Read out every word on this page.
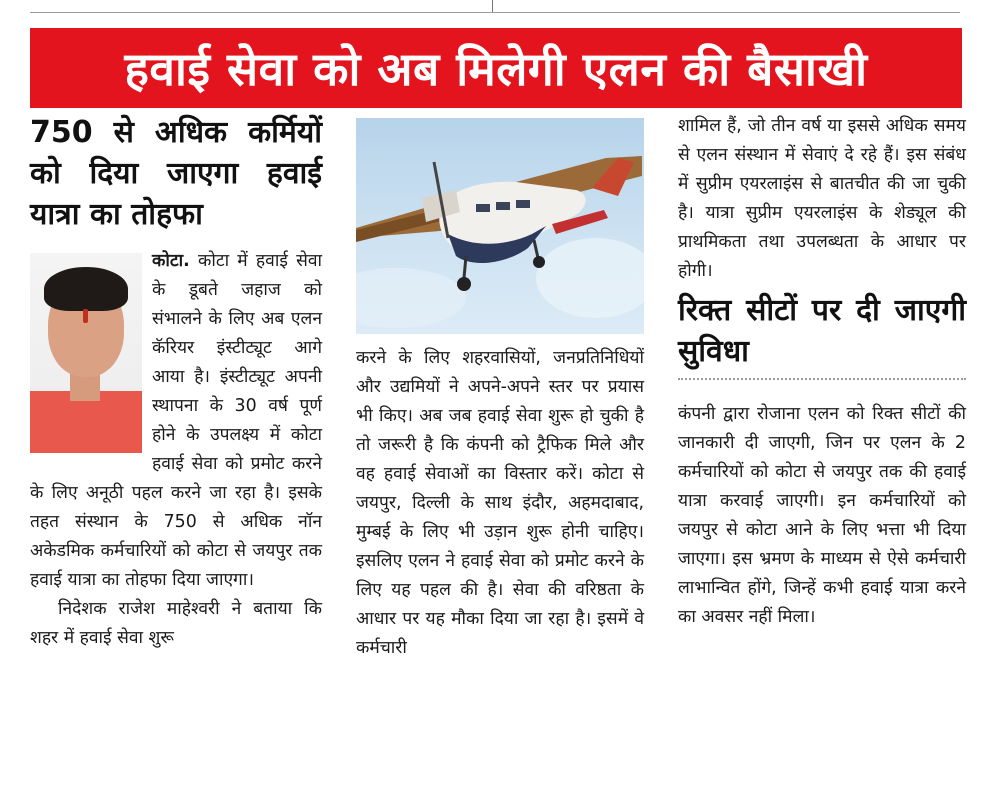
हवाई सेवा को अब मिलेगी एलन की बैसाखी
750 से अधिक कर्मियों को दिया जाएगा हवाई यात्रा का तोहफा

कोटा. कोटा में हवाई सेवा के डूबते जहाज को संभालने के लिए अब एलन कॅरियर इंस्टीट्यूट आगे आया है। इंस्टीट्यूट अपनी स्थापना के 30 वर्ष पूर्ण होने के उपलक्ष्य में कोटा हवाई सेवा को प्रमोट करने के लिए अनूठी पहल करने जा रहा है। इसके तहत संस्थान के 750 से अधिक नॉन अकेडमिक कर्मचारियों को कोटा से जयपुर तक हवाई यात्रा का तोहफा दिया जाएगा।

निदेशक राजेश माहेश्वरी ने बताया कि शहर में हवाई सेवा शुरू

करने के लिए शहरवासियों, जनप्रतिनिधियों और उद्यमियों ने अपने-अपने स्तर पर प्रयास भी किए। अब जब हवाई सेवा शुरू हो चुकी है तो जरूरी है कि कंपनी को ट्रैफिक मिले और वह हवाई सेवाओं का विस्तार करें। कोटा से जयपुर, दिल्ली के साथ इंदौर, अहमदाबाद, मुम्बई के लिए भी उड़ान शुरू होनी चाहिए। इसलिए एलन ने हवाई सेवा को प्रमोट करने के लिए यह पहल की है। सेवा की वरिष्ठता के आधार पर यह मौका दिया जा रहा है। इसमें वे कर्मचारी

शामिल हैं, जो तीन वर्ष या इससे अधिक समय से एलन संस्थान में सेवाएं दे रहे हैं। इस संबंध में सुप्रीम एयरलाइंस से बातचीत की जा चुकी है। यात्रा सुप्रीम एयरलाइंस के शेड्यूल की प्राथमिकता तथा उपलब्धता के आधार पर होगी।

रिक्त सीटों पर दी जाएगी सुविधा

कंपनी द्वारा रोजाना एलन को रिक्त सीटों की जानकारी दी जाएगी, जिन पर एलन के 2 कर्मचारियों को कोटा से जयपुर तक की हवाई यात्रा करवाई जाएगी। इन कर्मचारियों को जयपुर से कोटा आने के लिए भत्ता भी दिया जाएगा। इस भ्रमण के माध्यम से ऐसे कर्मचारी लाभान्वित होंगे, जिन्हें कभी हवाई यात्रा करने का अवसर नहीं मिला।
